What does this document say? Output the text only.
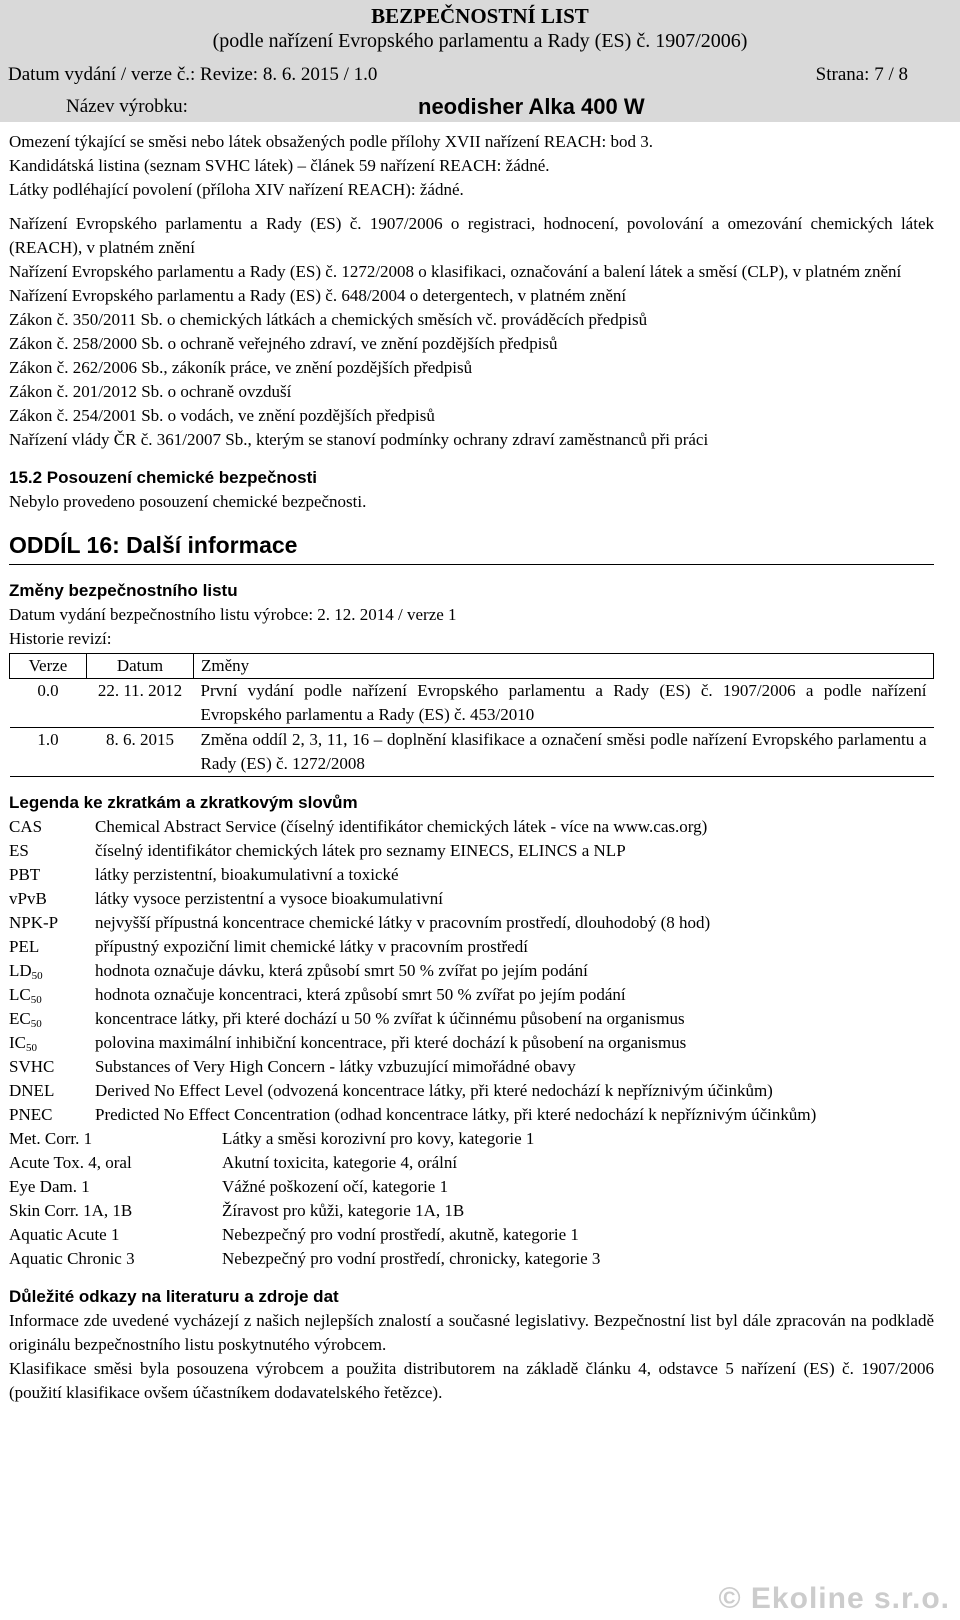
BEZPEČNOSTNÍ LIST
(podle nařízení Evropského parlamentu a Rady (ES) č. 1907/2006)
Datum vydání / verze č.: Revize: 8. 6. 2015 / 1.0	Strana: 7 / 8
Název výrobku:	neodisher Alka 400 W

Omezení týkající se směsi nebo látek obsažených podle přílohy XVII nařízení REACH: bod 3.

Kandidátská listina (seznam SVHC látek) – článek 59 nařízení REACH: žádné.

Látky podléhající povolení (příloha XIV nařízení REACH): žádné.

Nařízení Evropského parlamentu a Rady (ES) č. 1907/2006 o registraci, hodnocení, povolování a omezování chemických látek (REACH), v platném znění

Nařízení Evropského parlamentu a Rady (ES) č. 1272/2008 o klasifikaci, označování a balení látek a směsí (CLP), v platném znění

Nařízení Evropského parlamentu a Rady (ES) č. 648/2004 o detergentech, v platném znění

Zákon č. 350/2011 Sb. o chemických látkách a chemických směsích vč. prováděcích předpisů

Zákon č. 258/2000 Sb. o ochraně veřejného zdraví, ve znění pozdějších předpisů

Zákon č. 262/2006 Sb., zákoník práce, ve znění pozdějších předpisů

Zákon č. 201/2012 Sb. o ochraně ovzduší

Zákon č. 254/2001 Sb. o vodách, ve znění pozdějších předpisů

Nařízení vlády ČR č. 361/2007 Sb., kterým se stanoví podmínky ochrany zdraví zaměstnanců při práci

15.2 Posouzení chemické bezpečnosti

Nebylo provedeno posouzení chemické bezpečnosti.

ODDÍL 16: Další informace
Změny bezpečnostního listu

Datum vydání bezpečnostního listu výrobce: 2. 12. 2014 / verze 1

Historie revizí:

Verze	Datum	Změny
0.0	22. 11. 2012	První vydání podle nařízení Evropského parlamentu a Rady (ES) č. 1907/2006 a podle nařízení Evropského parlamentu a Rady (ES) č. 453/2010
1.0	8. 6. 2015	Změna oddíl 2, 3, 11, 16 – doplnění klasifikace a označení směsi podle nařízení Evropského parlamentu a Rady (ES) č. 1272/2008
Legenda ke zkratkám a zkratkovým slovům
CAS	Chemical Abstract Service (číselný identifikátor chemických látek - více na www.cas.org)
ES	číselný identifikátor chemických látek pro seznamy EINECS, ELINCS a NLP
PBT	látky perzistentní, bioakumulativní a toxické
vPvB	látky vysoce perzistentní a vysoce bioakumulativní
NPK-P	nejvyšší přípustná koncentrace chemické látky v pracovním prostředí, dlouhodobý (8 hod)
PEL	přípustný expoziční limit chemické látky v pracovním prostředí
$LD_{50}$	hodnota označuje dávku, která způsobí smrt 50 % zvířat po jejím podání
$LC_{50}$	hodnota označuje koncentraci, která způsobí smrt 50 % zvířat po jejím podání
$EC_{50}$	koncentrace látky, při které dochází u 50 % zvířat k účinnému působení na organismus
$IC_{50}$	polovina maximální inhibiční koncentrace, při které dochází k působení na organismus
SVHC	Substances of Very High Concern - látky vzbuzující mimořádné obavy
DNEL	Derived No Effect Level (odvozená koncentrace látky, při které nedochází k nepříznivým účinkům)
PNEC	Predicted No Effect Concentration (odhad koncentrace látky, při které nedochází k nepříznivým účinkům)
Met. Corr. 1	Látky a směsi korozivní pro kovy, kategorie 1
Acute Tox. 4, oral	Akutní toxicita, kategorie 4, orální
Eye Dam. 1	Vážné poškození očí, kategorie 1
Skin Corr. 1A, 1B	Žíravost pro kůži, kategorie 1A, 1B
Aquatic Acute 1	Nebezpečný pro vodní prostředí, akutně, kategorie 1
Aquatic Chronic 3	Nebezpečný pro vodní prostředí, chronicky, kategorie 3
Důležité odkazy na literaturu a zdroje dat

Informace zde uvedené vycházejí z našich nejlepších znalostí a současné legislativy. Bezpečnostní list byl dále zpracován na podkladě originálu bezpečnostního listu poskytnutého výrobcem.

Klasifikace směsi byla posouzena výrobcem a použita distributorem na základě článku 4, odstavce 5 nařízení (ES) č. 1907/2006 (použití klasifikace ovšem účastníkem dodavatelského řetězce).

© Ekoline s.r.o.
